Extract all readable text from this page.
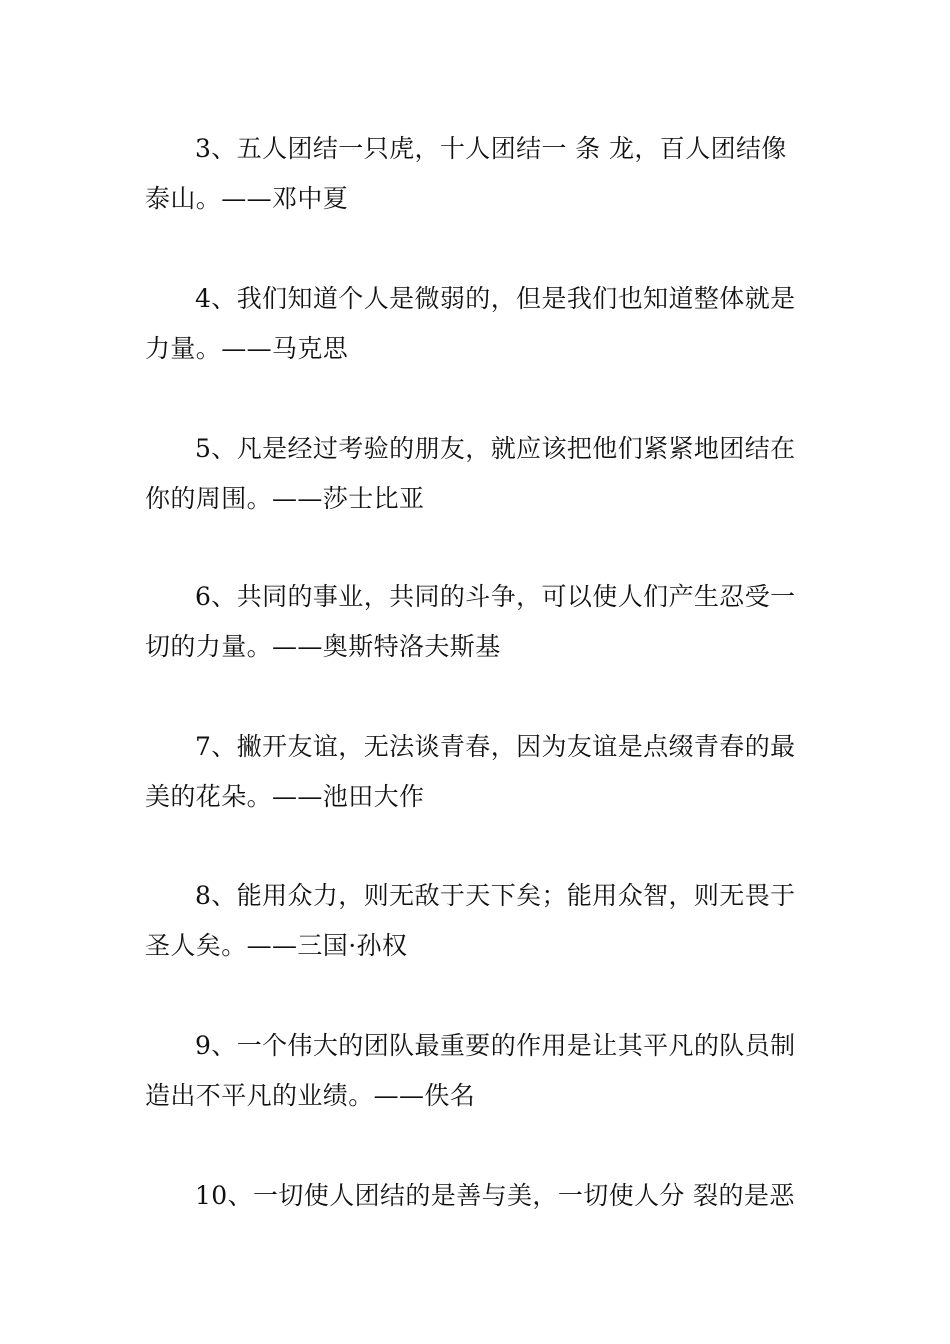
3、五人团结一只虎，十人团结一 条 龙，百人团结像
泰山。——邓中夏

4、我们知道个人是微弱的，但是我们也知道整体就是
力量。——马克思

5、凡是经过考验的朋友，就应该把他们紧紧地团结在
你的周围。——莎士比亚

6、共同的事业，共同的斗争，可以使人们产生忍受一
切的力量。——奥斯特洛夫斯基

7、撇开友谊，无法谈青春，因为友谊是点缀青春的最
美的花朵。——池田大作

8、能用众力，则无敌于天下矣；能用众智，则无畏于
圣人矣。——三国·孙权

9、一个伟大的团队最重要的作用是让其平凡的队员制
造出不平凡的业绩。——佚名

10、一切使人团结的是善与美，一切使人分 裂的是恶
